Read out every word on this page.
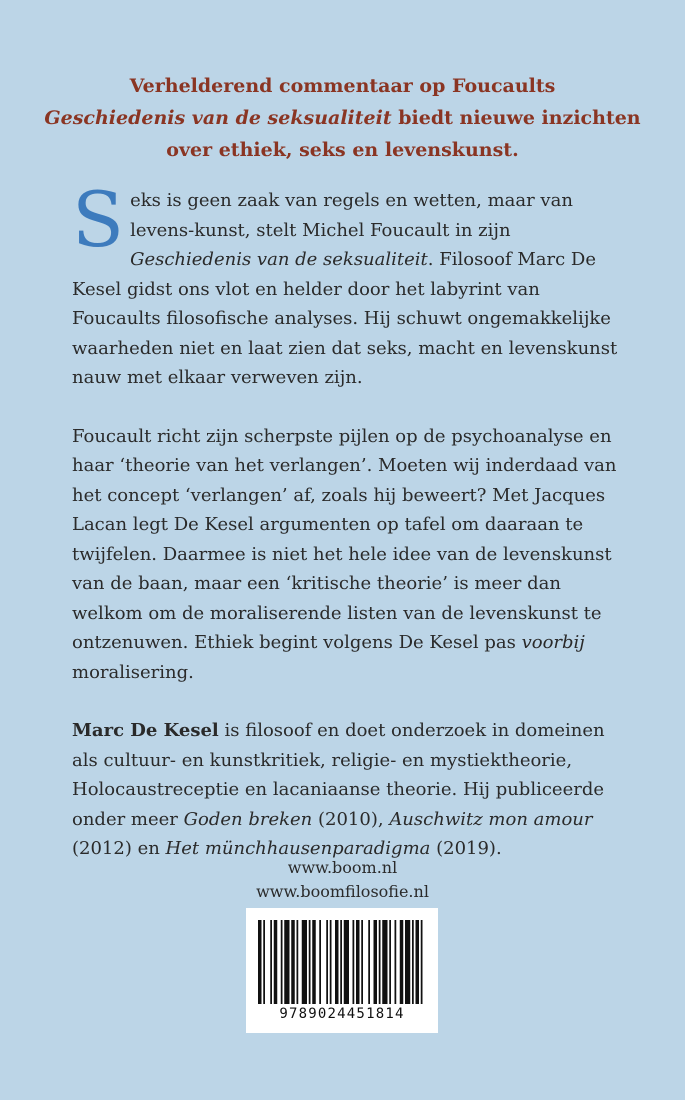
Verhelderend commentaar op Foucaults
Geschiedenis van de seksualiteit biedt nieuwe inzichten
over ethiek, seks en levenskunst.

Seks is geen zaak van regels en wetten, maar van levens-kunst, stelt Michel Foucault in zijn Geschiedenis van de seksualiteit. Filosoof Marc De Kesel gidst ons vlot en helder door het labyrint van Foucaults filosofische analyses. Hij schuwt ongemakkelijke waarheden niet en laat zien dat seks, macht en levenskunst nauw met elkaar verweven zijn.

Foucault richt zijn scherpste pijlen op de psychoanalyse en haar ‘theorie van het verlangen’. Moeten wij inderdaad van het concept ‘verlangen’ af, zoals hij beweert? Met Jacques Lacan legt De Kesel argumenten op tafel om daaraan te twijfelen. Daarmee is niet het hele idee van de levenskunst van de baan, maar een ‘kritische theorie’ is meer dan welkom om de moraliserende listen van de levenskunst te ontzenuwen. Ethiek begint volgens De Kesel pas voorbij moralisering.

Marc De Kesel is filosoof en doet onderzoek in domeinen als cultuur- en kunstkritiek, religie- en mystiektheorie, Holocaustreceptie en lacaniaanse theorie. Hij publiceerde onder meer Goden breken (2010), Auschwitz mon amour (2012) en Het münchhausenparadigma (2019).

www.boom.nl
www.boomfilosofie.nl
9789024451814
